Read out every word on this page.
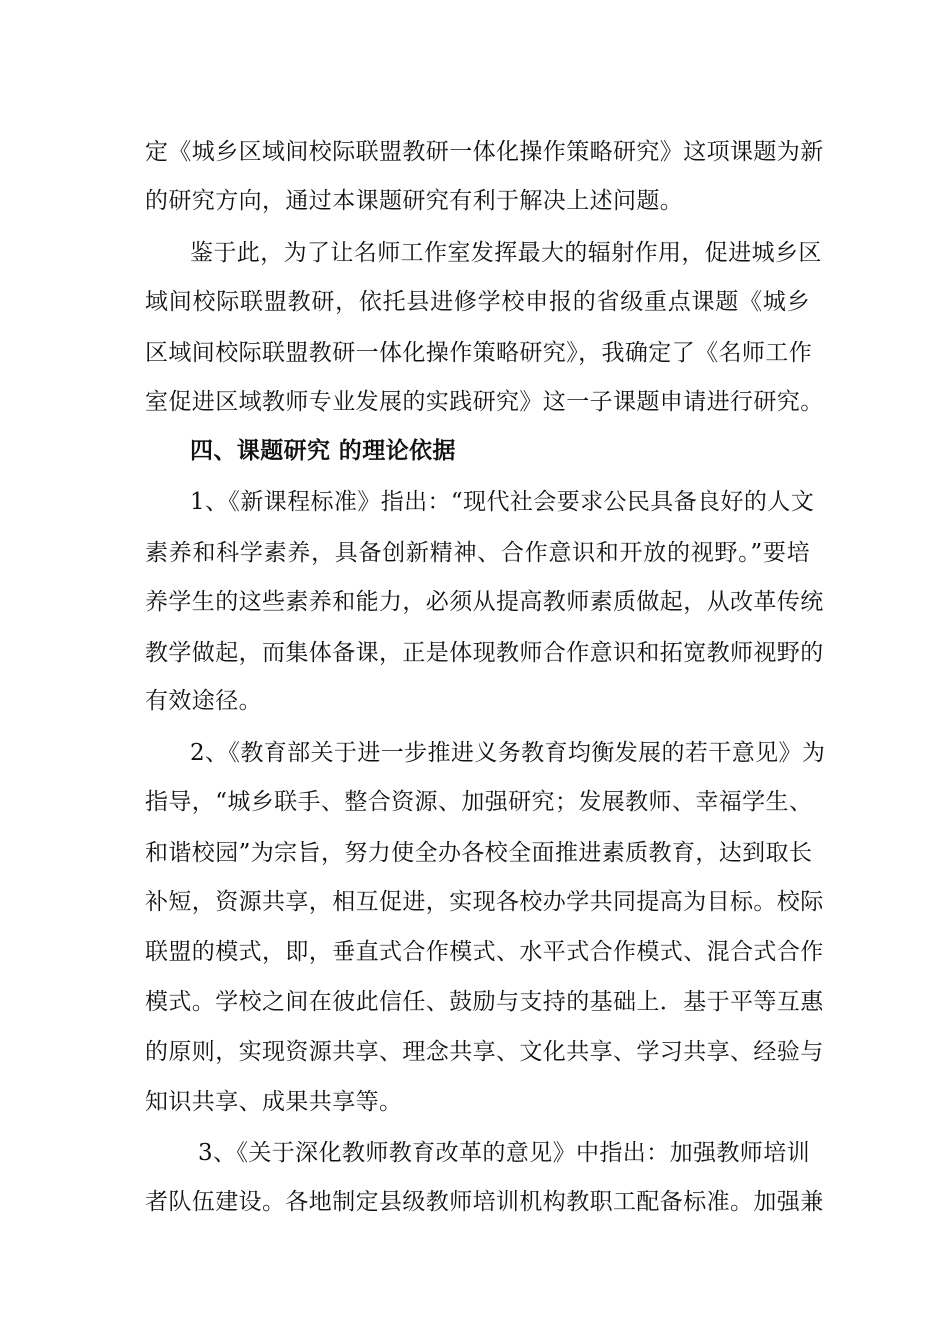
定《城乡区域间校际联盟教研一体化操作策略研究》这项课题为新
的研究方向，通过本课题研究有利于解决上述问题。
鉴于此，为了让名师工作室发挥最大的辐射作用，促进城乡区
域间校际联盟教研，依托县进修学校申报的省级重点课题《城乡
区域间校际联盟教研一体化操作策略研究》，我确定了《名师工作
室促进区域教师专业发展的实践研究》这一子课题申请进行研究。
四、课题研究 的理论依据
1、《新课程标准》指出：“现代社会要求公民具备良好的人文
素养和科学素养，具备创新精神、合作意识和开放的视野。”要培
养学生的这些素养和能力，必须从提高教师素质做起，从改革传统
教学做起，而集体备课，正是体现教师合作意识和拓宽教师视野的
有效途径。
2、《教育部关于进一步推进义务教育均衡发展的若干意见》为
指导，“城乡联手、整合资源、加强研究；发展教师、幸福学生、
和谐校园”为宗旨，努力使全办各校全面推进素质教育，达到取长
补短，资源共享，相互促进，实现各校办学共同提高为目标。校际
联盟的模式，即，垂直式合作模式、水平式合作模式、混合式合作
模式。学校之间在彼此信任、鼓励与支持的基础上．基于平等互惠
的原则，实现资源共享、理念共享、文化共享、学习共享、经验与
知识共享、成果共享等。
3、《关于深化教师教育改革的意见》中指出：加强教师培训
者队伍建设。各地制定县级教师培训机构教职工配备标准。加强兼
